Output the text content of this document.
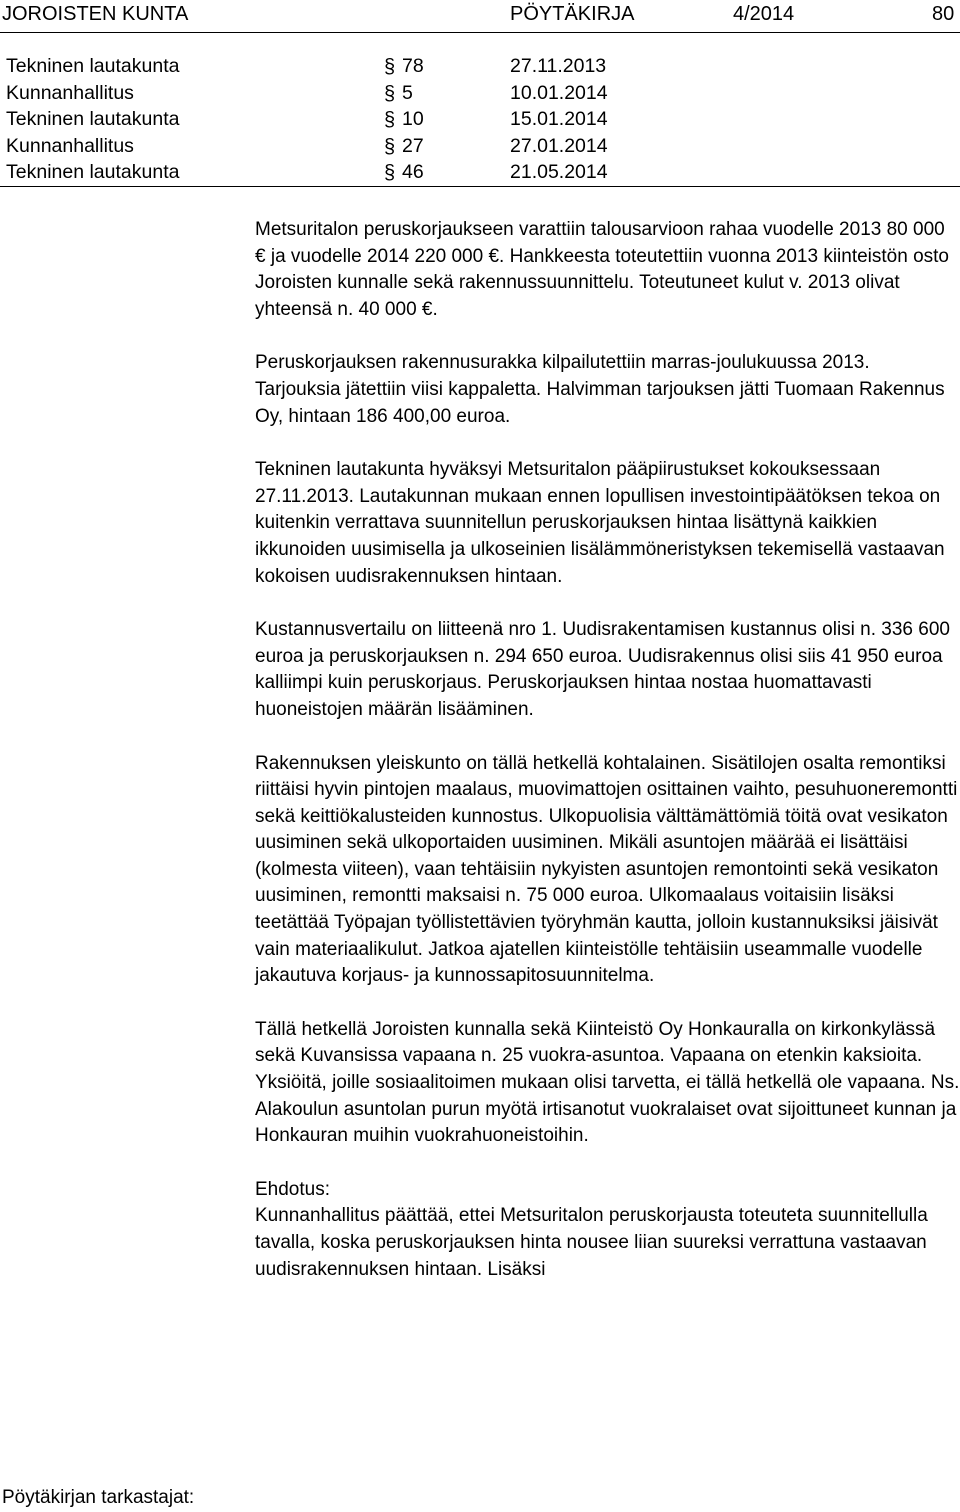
JOROISTEN KUNTA	PÖYTÄKIRJA	4/2014	80
Tekninen lautakunta	§ 78	27.11.2013
Kunnanhallitus	§ 5	10.01.2014
Tekninen lautakunta	§ 10	15.01.2014
Kunnanhallitus	§ 27	27.01.2014
Tekninen lautakunta	§ 46	21.05.2014

Metsuritalon peruskorjaukseen varattiin talousarvioon rahaa vuodelle 2013 80 000 € ja vuodelle 2014 220 000 €. Hankkeesta toteutettiin vuonna 2013 kiinteistön osto Joroisten kunnalle sekä rakennussuunnittelu. Toteutuneet kulut v. 2013 olivat yhteensä n. 40 000 €.

Peruskorjauksen rakennusurakka kilpailutettiin marras-joulukuussa 2013. Tarjouksia jätettiin viisi kappaletta. Halvimman tarjouksen jätti Tuomaan Rakennus Oy, hintaan 186 400,00 euroa.

Tekninen lautakunta hyväksyi Metsuritalon pääpiirustukset kokouksessaan 27.11.2013. Lautakunnan mukaan ennen lopullisen investointipäätöksen tekoa on kuitenkin verrattava suunnitellun peruskorjauksen hintaa lisättynä kaikkien ikkunoiden uusimisella ja ulkoseinien lisälämmöneristyksen tekemisellä vastaavan kokoisen uudisrakennuksen hintaan.

Kustannusvertailu on liitteenä nro 1. Uudisrakentamisen kustannus olisi n. 336 600 euroa ja peruskorjauksen n. 294 650 euroa. Uudisrakennus olisi siis 41 950 euroa kalliimpi kuin peruskorjaus. Peruskorjauksen hintaa nostaa huomattavasti huoneistojen määrän lisääminen.

Rakennuksen yleiskunto on tällä hetkellä kohtalainen. Sisätilojen osalta remontiksi riittäisi hyvin pintojen maalaus, muovimattojen osittainen vaihto, pesuhuoneremontti sekä keittiökalusteiden kunnostus. Ulkopuolisia välttämättömiä töitä ovat vesikaton uusiminen sekä ulkoportaiden uusiminen. Mikäli asuntojen määrää ei lisättäisi (kolmesta viiteen), vaan tehtäisiin nykyisten asuntojen remontointi sekä vesikaton uusiminen, remontti maksaisi n. 75 000 euroa. Ulkomaalaus voitaisiin lisäksi teetättää Työpajan työllistettävien työryhmän kautta, jolloin kustannuksiksi jäisivät vain materiaalikulut. Jatkoa ajatellen kiinteistölle tehtäisiin useammalle vuodelle jakautuva korjaus- ja kunnossapitosuunnitelma.

Tällä hetkellä Joroisten kunnalla sekä Kiinteistö Oy Honkauralla on kirkonkylässä sekä Kuvansissa vapaana n. 25 vuokra-asuntoa. Vapaana on etenkin kaksioita. Yksiöitä, joille sosiaalitoimen mukaan olisi tarvetta, ei tällä hetkellä ole vapaana. Ns. Alakoulun asuntolan purun myötä irtisanotut vuokralaiset ovat sijoittuneet kunnan ja Honkauran muihin vuokrahuoneistoihin.

Ehdotus:
Kunnanhallitus päättää, ettei Metsuritalon peruskorjausta toteuteta suunnitellulla tavalla, koska peruskorjauksen hinta nousee liian suureksi verrattuna vastaavan uudisrakennuksen hintaan. Lisäksi
Pöytäkirjan tarkastajat:
